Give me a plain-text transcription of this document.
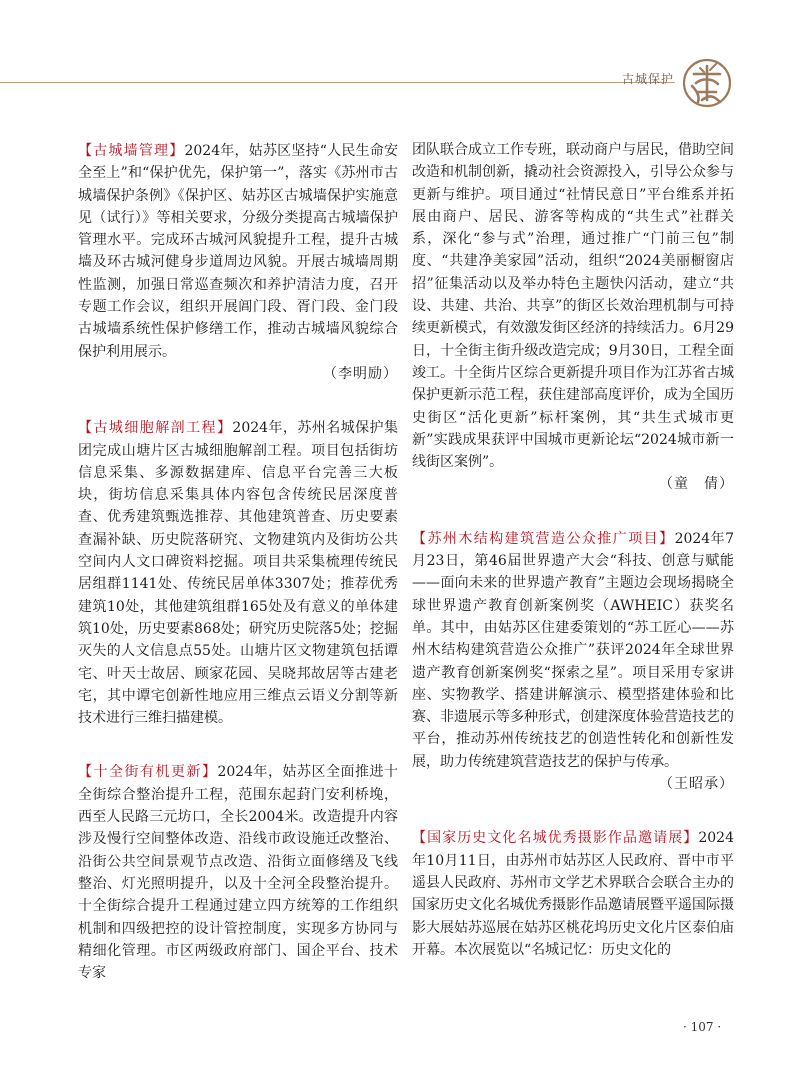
古城保护

【古城墙管理】2024年，姑苏区坚持“人民生命安全至上”和“保护优先，保护第一”，落实《苏州市古城墙保护条例》《保护区、姑苏区古城墙保护实施意见（试行）》等相关要求，分级分类提高古城墙保护管理水平。完成环古城河风貌提升工程，提升古城墙及环古城河健身步道周边风貌。开展古城墙周期性监测，加强日常巡查频次和养护清洁力度，召开专题工作会议，组织开展阊门段、胥门段、金门段古城墙系统性保护修缮工作，推动古城墙风貌综合保护利用展示。

（李明励）

【古城细胞解剖工程】2024年，苏州名城保护集团完成山塘片区古城细胞解剖工程。项目包括街坊信息采集、多源数据建库、信息平台完善三大板块，街坊信息采集具体内容包含传统民居深度普查、优秀建筑甄选推荐、其他建筑普查、历史要素查漏补缺、历史院落研究、文物建筑内及街坊公共空间内人文口碑资料挖掘。项目共采集梳理传统民居组群1141处、传统民居单体3307处；推荐优秀建筑10处，其他建筑组群165处及有意义的单体建筑10处，历史要素868处；研究历史院落5处；挖掘灭失的人文信息点55处。山塘片区文物建筑包括谭宅、叶天士故居、顾家花园、吴晓邦故居等古建老宅，其中谭宅创新性地应用三维点云语义分割等新技术进行三维扫描建模。

【十全街有机更新】2024年，姑苏区全面推进十全街综合整治提升工程，范围东起葑门安利桥堍，西至人民路三元坊口，全长2004米。改造提升内容涉及慢行空间整体改造、沿线市政设施迁改整治、沿街公共空间景观节点改造、沿街立面修缮及飞线整治、灯光照明提升，以及十全河全段整治提升。十全街综合提升工程通过建立四方统筹的工作组织机制和四级把控的设计管控制度，实现多方协同与精细化管理。市区两级政府部门、国企平台、技术专家

团队联合成立工作专班，联动商户与居民，借助空间改造和机制创新，撬动社会资源投入，引导公众参与更新与维护。项目通过“社情民意日”平台维系并拓展由商户、居民、游客等构成的“共生式”社群关系，深化“参与式”治理，通过推广“门前三包”制度、“共建净美家园”活动，组织“2024美丽橱窗店招”征集活动以及举办特色主题快闪活动，建立“共设、共建、共治、共享”的街区长效治理机制与可持续更新模式，有效激发街区经济的持续活力。6月29日，十全街主街升级改造完成；9月30日，工程全面竣工。十全街片区综合更新提升项目作为江苏省古城保护更新示范工程，获住建部高度评价，成为全国历史街区“活化更新”标杆案例，其“共生式城市更新”实践成果获评中国城市更新论坛“2024城市新一线街区案例”。

（童　倩）

【苏州木结构建筑营造公众推广项目】2024年7月23日，第46届世界遗产大会“科技、创意与赋能——面向未来的世界遗产教育”主题边会现场揭晓全球世界遗产教育创新案例奖（AWHEIC）获奖名单。其中，由姑苏区住建委策划的“苏工匠心——苏州木结构建筑营造公众推广”获评2024年全球世界遗产教育创新案例奖“探索之星”。项目采用专家讲座、实物教学、搭建讲解演示、模型搭建体验和比赛、非遗展示等多种形式，创建深度体验营造技艺的平台，推动苏州传统技艺的创造性转化和创新性发展，助力传统建筑营造技艺的保护与传承。

（王昭承）

【国家历史文化名城优秀摄影作品邀请展】2024年10月11日，由苏州市姑苏区人民政府、晋中市平遥县人民政府、苏州市文学艺术界联合会联合主办的国家历史文化名城优秀摄影作品邀请展暨平遥国际摄影大展姑苏巡展在姑苏区桃花坞历史文化片区泰伯庙开幕。本次展览以“名城记忆：历史文化的

· 107 ·
